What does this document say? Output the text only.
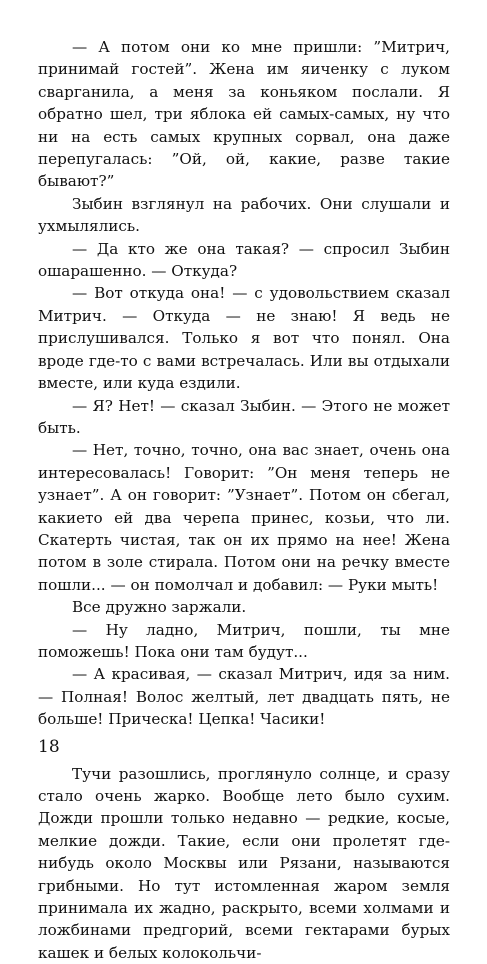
— А потом они ко мне пришли: ”Митрич, принимай гостей”. Жена им яиченку с луком сварганила, а меня за коньяком послали. Я обратно шел, три яблока ей самых-самых, ну что ни на есть самых крупных сорвал, она даже перепугалась: ”Ой, ой, какие, разве такие бывают?”

Зыбин взглянул на рабочих. Они слушали и ухмылялись.

— Да кто же она такая? — спросил Зыбин ошарашенно. — Откуда?

— Вот откуда она! — с удовольствием сказал Митрич. — Откуда — не знаю! Я ведь не прислушивался. Только я вот что понял. Она вроде где-то с вами встречалась. Или вы отдыхали вместе, или куда ездили.

— Я? Нет! — сказал Зыбин. — Этого не может быть.

— Нет, точно, точно, она вас знает, очень она интересовалась! Говорит: ”Он меня теперь не узнает”. А он говорит: ”Узнает”. Потом он сбегал, какието ей два черепа принес, козьи, что ли. Скатерть чистая, так он их прямо на нее! Жена потом в золе стирала. Потом они на речку вместе пошли... — он помолчал и добавил: — Руки мыть!

Все дружно заржали.

— Ну ладно, Митрич, пошли, ты мне поможешь! Пока они там будут...

— А красивая, — сказал Митрич, идя за ним. — Полная! Волос желтый, лет двадцать пять, не больше! Прическа! Цепка! Часики!

Тучи разошлись, проглянуло солнце, и сразу стало очень жарко. Вообще лето было сухим. Дожди прошли только недавно — редкие, косые, мелкие дожди. Такие, если они пролетят где-нибудь около Москвы или Рязани, называются грибными. Но тут истомленная жаром земля принимала их жадно, раскрыто, всеми холмами и ложбинами предгорий, всеми гектарами бурых кашек и белых колокольчи-

18
